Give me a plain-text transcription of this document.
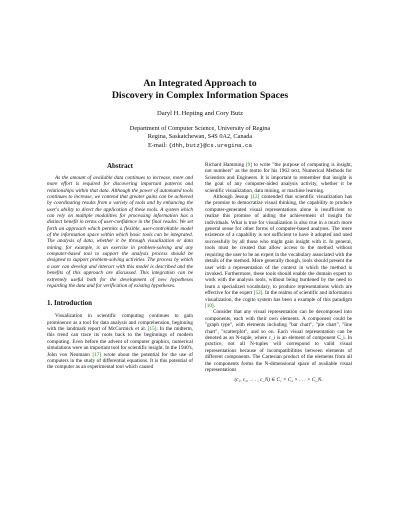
An Integrated Approach to
Discovery in Complex Information Spaces
Daryl H. Hepting and Cory Butz
Department of Computer Science, University of Regina
Regina, Saskatchewan, S4S 0A2, Canada
E-mail: {dhh,butz}@cs.uregina.ca
Abstract

As the amount of available data continues to increase, more and more effort is required for discovering important patterns and relationships within that data. Although the power of automated tools continues to increase, we contend that greater gains can be achieved by coordinating results from a variety of tools and by enhancing the user's ability to direct the application of these tools. A system which can rely on multiple modalities for processing information has a distinct benefit in terms of user-confidence in the final results. We set forth an approach which permits a flexible, user-controllable model of the information space within which basic tools can be integrated. The analysis of data, whether it be through visualization or data mining, for example, is an exercise in problem-solving and any computer-based tool to support the analysis process should be designed to support problem-solving activities. The process by which a user can develop and interact with this model is described and the benefits of this approach are discussed. This integration can be extremely useful both for the development of new hypotheses regarding the data and for verification of existing hypotheses.

1. Introduction

Visualization in scientific computing continues to gain prominence as a tool for data analysis and comprehension, beginning with the landmark report of McCormick et al. [15]. In the midterm, this trend can trace its roots back to the beginnings of modern computing. Even before the advent of computer graphics, numerical simulations were an important tool for scientific insight. In the 1940's, John von Neumann [17] wrote about the potential for the use of computers in the study of differential equations. It is this potential of the computer as an experimental tool which caused

Richard Hamming [9] to write "the purpose of computing is insight, not numbers" as the motto for his 1962 text, Numerical Methods for Scientists and Engineers. It is important to remember that insight is the goal of any computer-aided analysis activity, whether it be scientific visualization, data mining, or machine learning.

Although Jessup [12] contended that scientific visualization has the promise to democratize visual thinking, the capability to produce computer-generated visual representations alone is insufficient to realize this promise of aiding the achievement of insight for individuals. What is true for visualization is also true in a much more general sense for other forms of computer-based analyses. The mere existence of a capability is not sufficient to have it adopted and used successfully by all those who might gain insight with it. In general, tools must be created that allow access to the method without requiring the user to be an expert in the vocabulary associated with the details of the method. More generally though, tools should present the user with a representation of the context in which the method is invoked. Furthermore, these tools should enable the domain expert to work with the analysis tools, without being burdened by the need to learn a specialized vocabulary, to produce representations which are effective for the expert [52]. In the realms of scientific and informatics visualization, the cogito system has been a example of this paradigm [10].

Consider that any visual representation can be decomposed into components, each with their own elements. A component could be "graph type", with elements including "bar chart", "pie chart", "line chart", "scatterplot", and so on. Each visual representation can be denoted as an N-tuple, where c_i is an element of component C_i. In practice, not all N-tuples will correspond to valid visual representations because of incompatibilities between elements of different components. The Cartesian product of the elements from all the components forms the N-dimensional space of available visual representations

(c₁, c₂, . . . , c_N) ∈ C₁ × C₂ × . . . × C_N.
